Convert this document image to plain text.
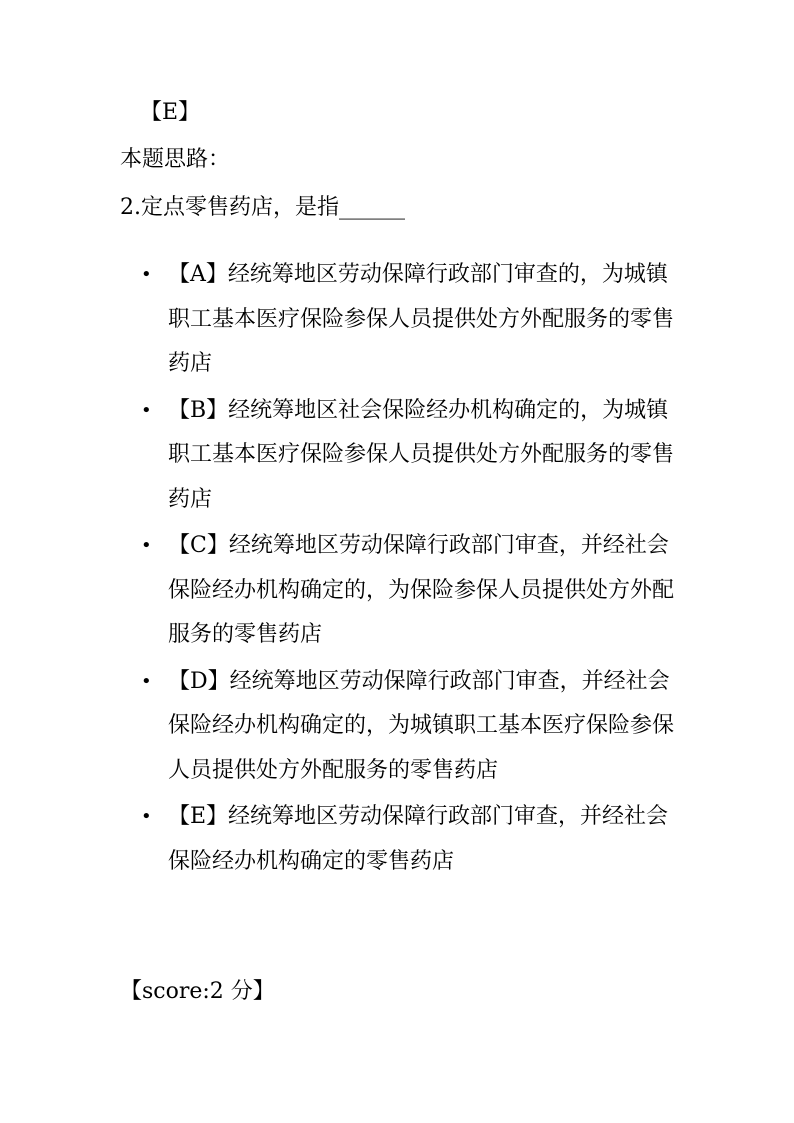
【E】
本题思路：
2.定点零售药店，是指______
• 【A】经统筹地区劳动保障行政部门审查的，为城镇职工基本医疗保险参保人员提供处方外配服务的零售药店
• 【B】经统筹地区社会保险经办机构确定的，为城镇职工基本医疗保险参保人员提供处方外配服务的零售药店
• 【C】经统筹地区劳动保障行政部门审查，并经社会保险经办机构确定的，为保险参保人员提供处方外配服务的零售药店
• 【D】经统筹地区劳动保障行政部门审查，并经社会保险经办机构确定的，为城镇职工基本医疗保险参保人员提供处方外配服务的零售药店
• 【E】经统筹地区劳动保障行政部门审查，并经社会保险经办机构确定的零售药店
【score:2 分】
